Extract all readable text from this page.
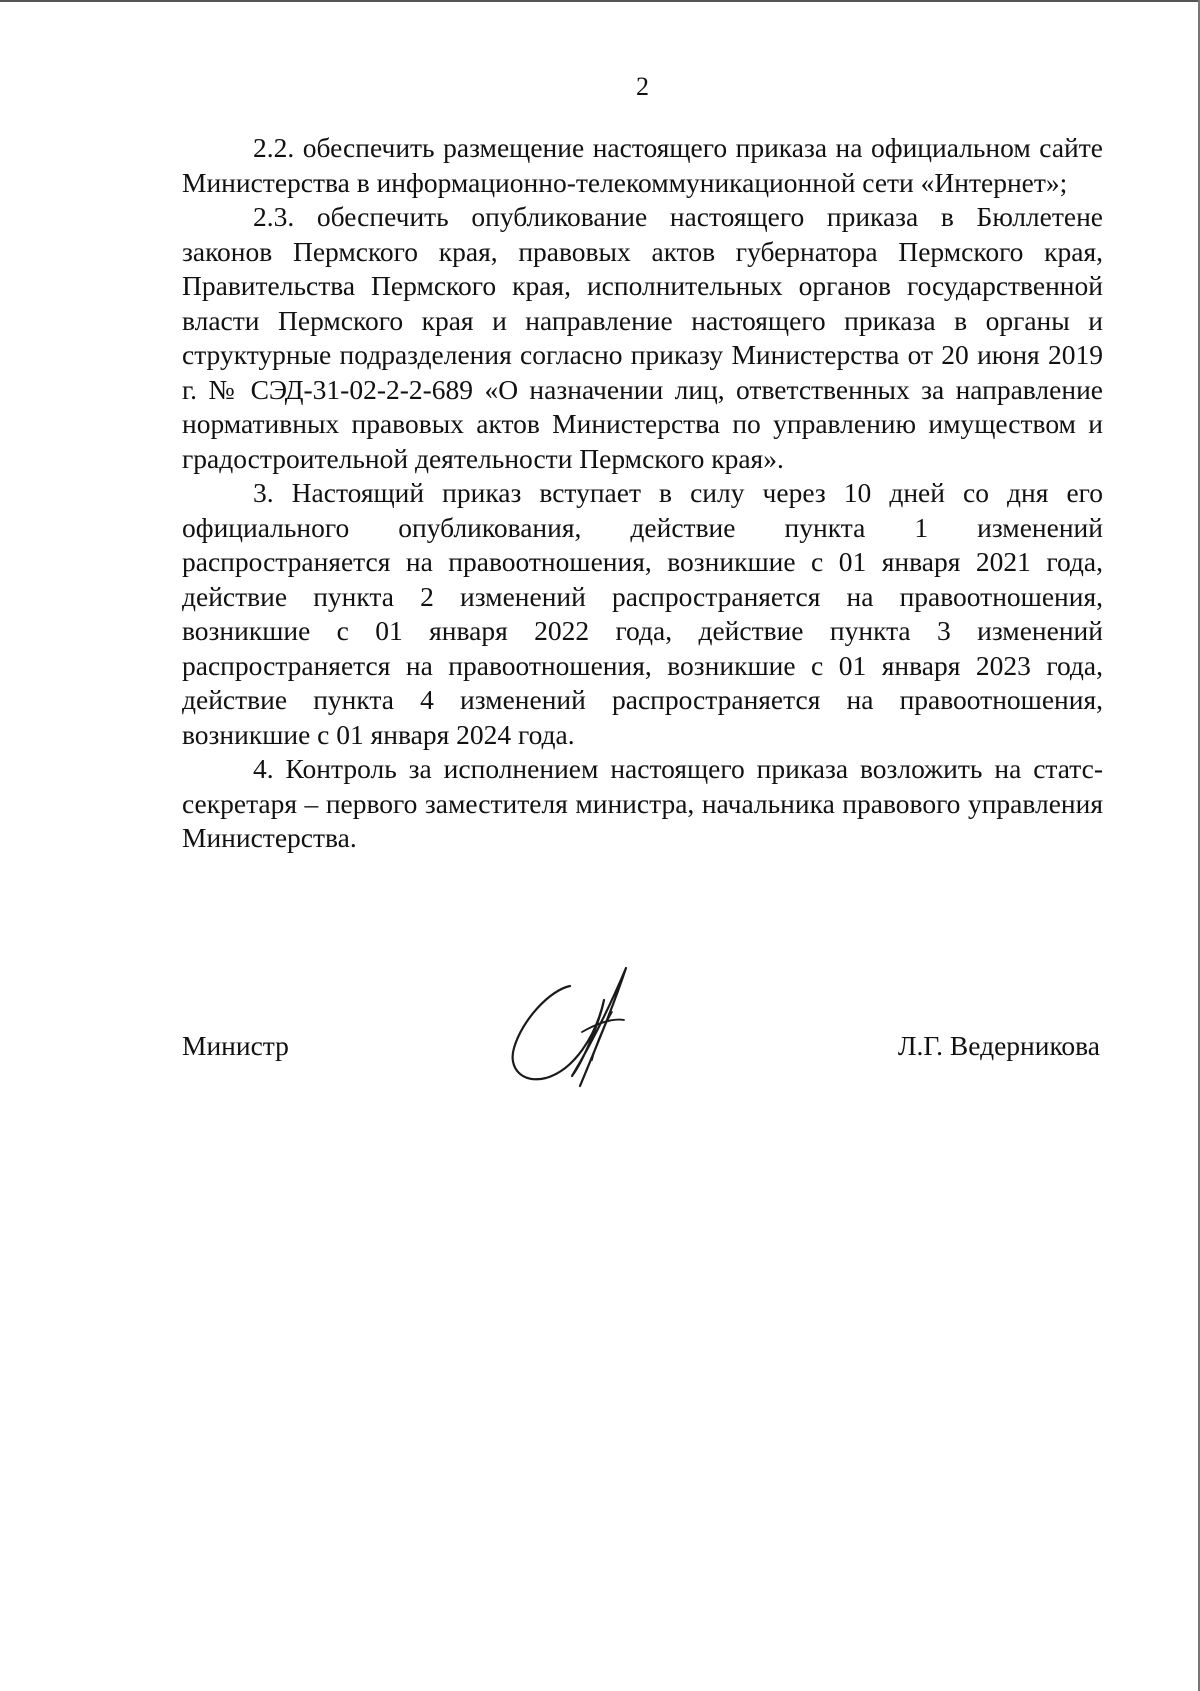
2

2.2. обеспечить размещение настоящего приказа на официальном сайте Министерства в информационно-телекоммуникационной сети «Интернет»;

2.3. обеспечить опубликование настоящего приказа в Бюллетене законов Пермского края, правовых актов губернатора Пермского края, Правительства Пермского края, исполнительных органов государственной власти Пермского края и направление настоящего приказа в органы и структурные подразделения согласно приказу Министерства от 20 июня 2019 г. № СЭД-31-02-2-2-689 «О назначении лиц, ответственных за направление нормативных правовых актов Министерства по управлению имуществом и градостроительной деятельности Пермского края».

3. Настоящий приказ вступает в силу через 10 дней со дня его официального опубликования, действие пункта 1 изменений распространяется на правоотношения, возникшие с 01 января 2021 года, действие пункта 2 изменений распространяется на правоотношения, возникшие с 01 января 2022 года, действие пункта 3 изменений распространяется на правоотношения, возникшие с 01 января 2023 года, действие пункта 4 изменений распространяется на правоотношения, возникшие с 01 января 2024 года.

4. Контроль за исполнением настоящего приказа возложить на статс-секретаря – первого заместителя министра, начальника правового управления Министерства.

Министр	Л.Г. Ведерникова
